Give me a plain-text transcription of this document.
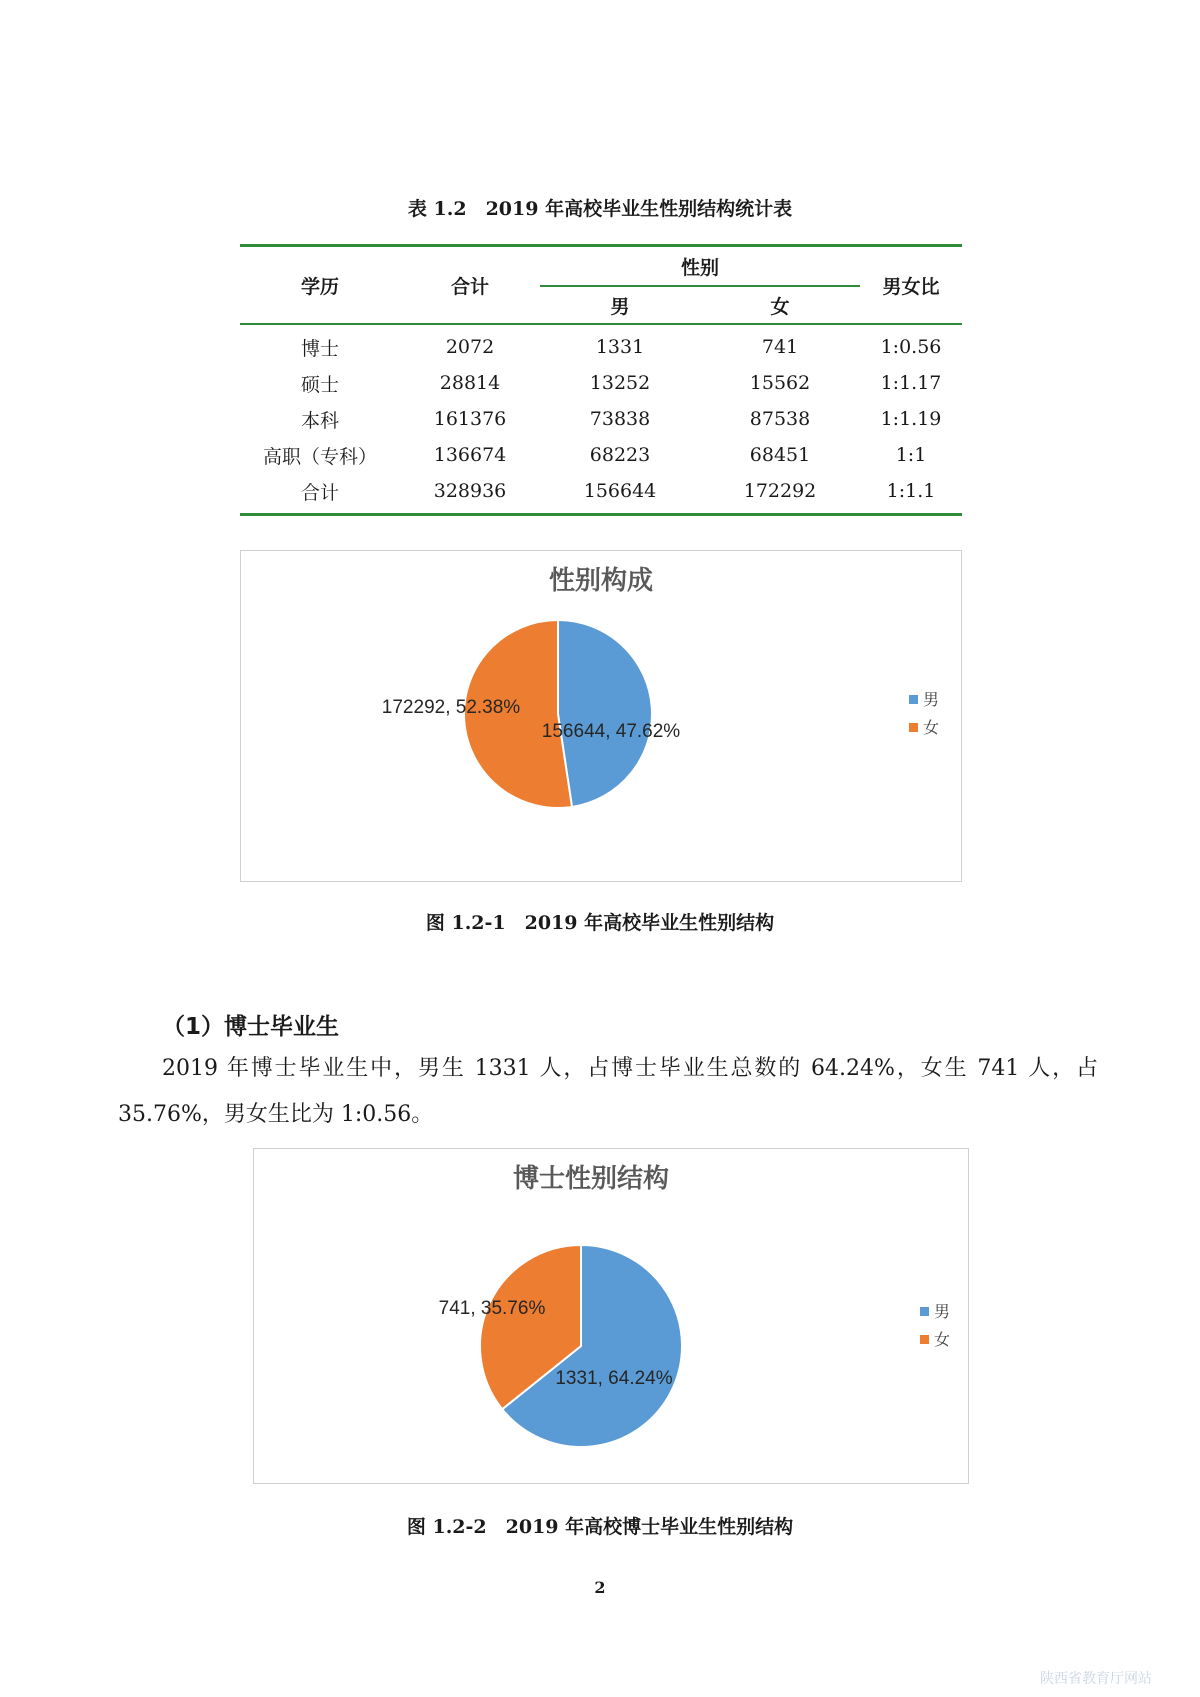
表 1.2　2019 年高校毕业生性别结构统计表
学历	合计	性别		男女比
		男	女	
博士	2072	1331	741	1:0.56
硕士	28814	13252	15562	1:1.17
本科	161376	73838	87538	1:1.19
高职（专科）	136674	68223	68451	1:1
合计	328936	156644	172292	1:1.1
性别构成
156644, 47.62%
172292, 52.38%	男
女
图 1.2-1　2019 年高校毕业生性别结构
（1）博士毕业生
2019 年博士毕业生中，男生 1331 人，占博士毕业生总数的 64.24%，女生 741 人，占 35.76%，男女生比为 1:0.56。
博士性别结构
1331, 64.24%
741, 35.76%	男
女
图 1.2-2　2019 年高校博士毕业生性别结构
2
陕西省教育厅网站
